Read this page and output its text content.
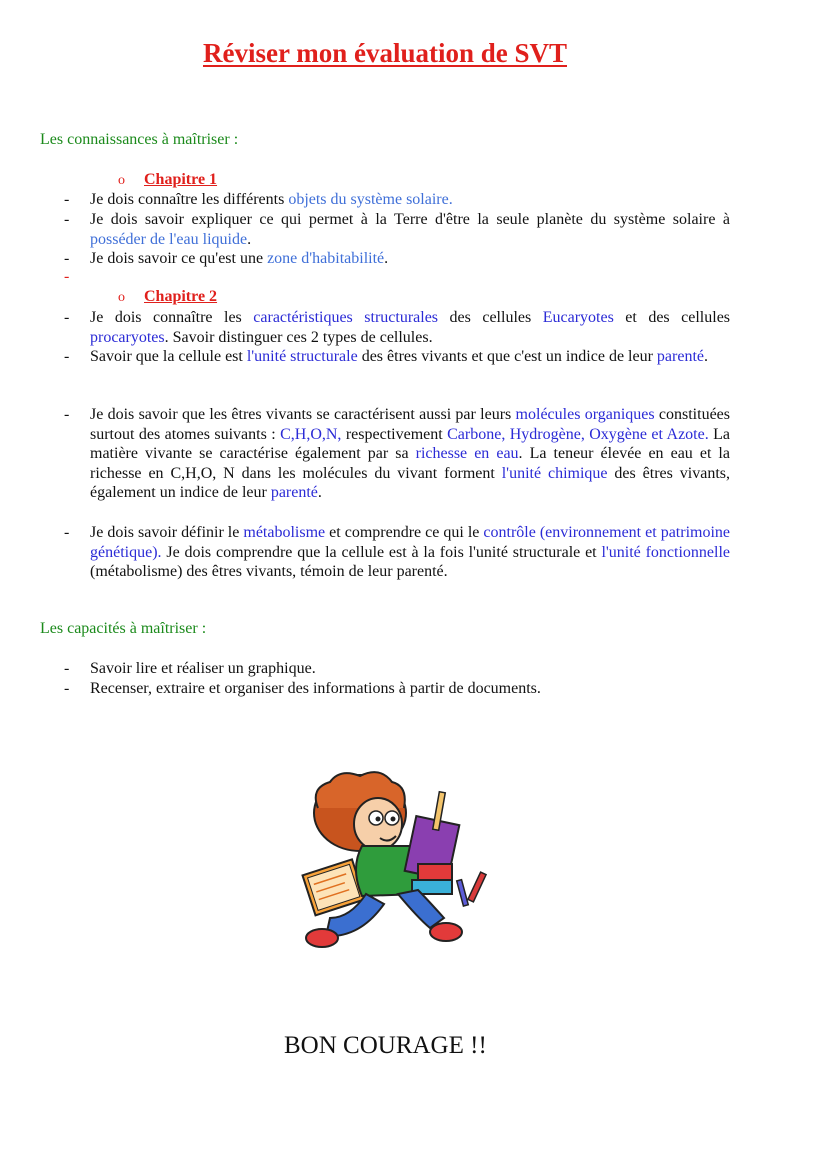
Réviser mon évaluation de SVT
Les connaissances à maîtriser :
o Chapitre 1
- Je dois connaître les différents objets du système solaire.
- Je dois savoir expliquer ce qui permet à la Terre d'être la seule planète du système solaire à posséder de l'eau liquide.
- Je dois savoir ce qu'est une zone d'habitabilité.
-
o Chapitre 2
- Je dois connaître les caractéristiques structurales des cellules Eucaryotes et des cellules procaryotes. Savoir distinguer ces 2 types de cellules.
- Savoir que la cellule est l'unité structurale des êtres vivants et que c'est un indice de leur parenté.
- Je dois savoir que les êtres vivants se caractérisent aussi par leurs molécules organiques constituées surtout des atomes suivants : C,H,O,N, respectivement Carbone, Hydrogène, Oxygène et Azote. La matière vivante se caractérise également par sa richesse en eau. La teneur élevée en eau et la richesse en C,H,O, N dans les molécules du vivant forment l'unité chimique des êtres vivants, également un indice de leur parenté.
- Je dois savoir définir le métabolisme et comprendre ce qui le contrôle (environnement et patrimoine génétique). Je dois comprendre que la cellule est à la fois l'unité structurale et l'unité fonctionnelle (métabolisme) des êtres vivants, témoin de leur parenté.
Les capacités à maîtriser :
- Savoir lire et réaliser un graphique.
- Recenser, extraire et organiser des informations à partir de documents.
BON COURAGE !!
